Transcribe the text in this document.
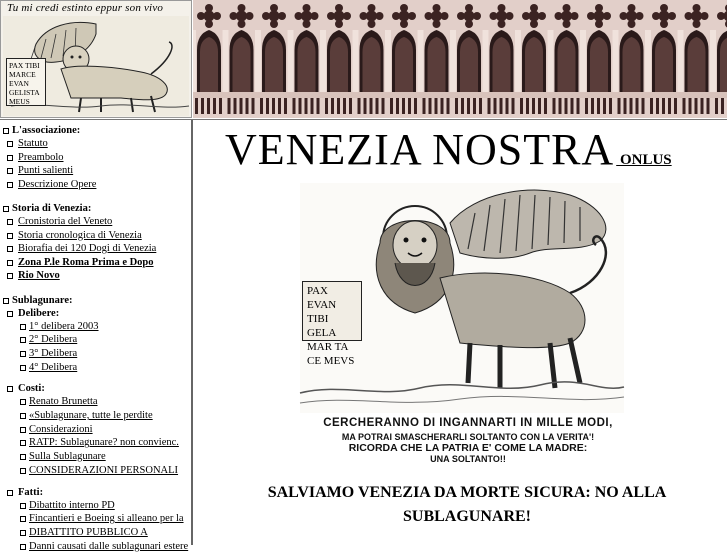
Tu mi credi estinto eppur son vivo
PAX TIBI
MARCE
EVAN
GELISTA
MEUS
L'associazione:
Statuto
Preambolo
Punti salienti
Descrizione Opere
Storia di Venezia:
Cronistoria del Veneto
Storia cronologica di Venezia
Biorafia dei 120 Dogi di Venezia
Zona P.le Roma Prima e Dopo
Rio Novo
Sublagunare:
Delibere:
1° delibera 2003
2° Delibera
3° Delibera
4° Delibera
Costi:
Renato Brunetta
«Sublagunare, tutte le perdite
Considerazioni
RATP: Sublagunare? non convienc.
Sulla Sublagunare
CONSIDERAZIONI PERSONALI
Fatti:
Dibattito interno PD
Fincantieri e Boeing si alleano per la
DIBATTITO PUBBLICO A
Danni causati dalle sublagunari estere
VENEZIA NOSTRA ONLUS
PAX EVAN
TIBI GELA
MAR TA
CE MEVS
CERCHERANNO DI INGANNARTI IN MILLE MODI,
MA POTRAI SMASCHERARLI SOLTANTO CON LA VERITA'!
RICORDA CHE LA PATRIA E' COME LA MADRE:
UNA SOLTANTO!!
SALVIAMO VENEZIA DA MORTE SICURA: NO ALLA
SUBLAGUNARE!
